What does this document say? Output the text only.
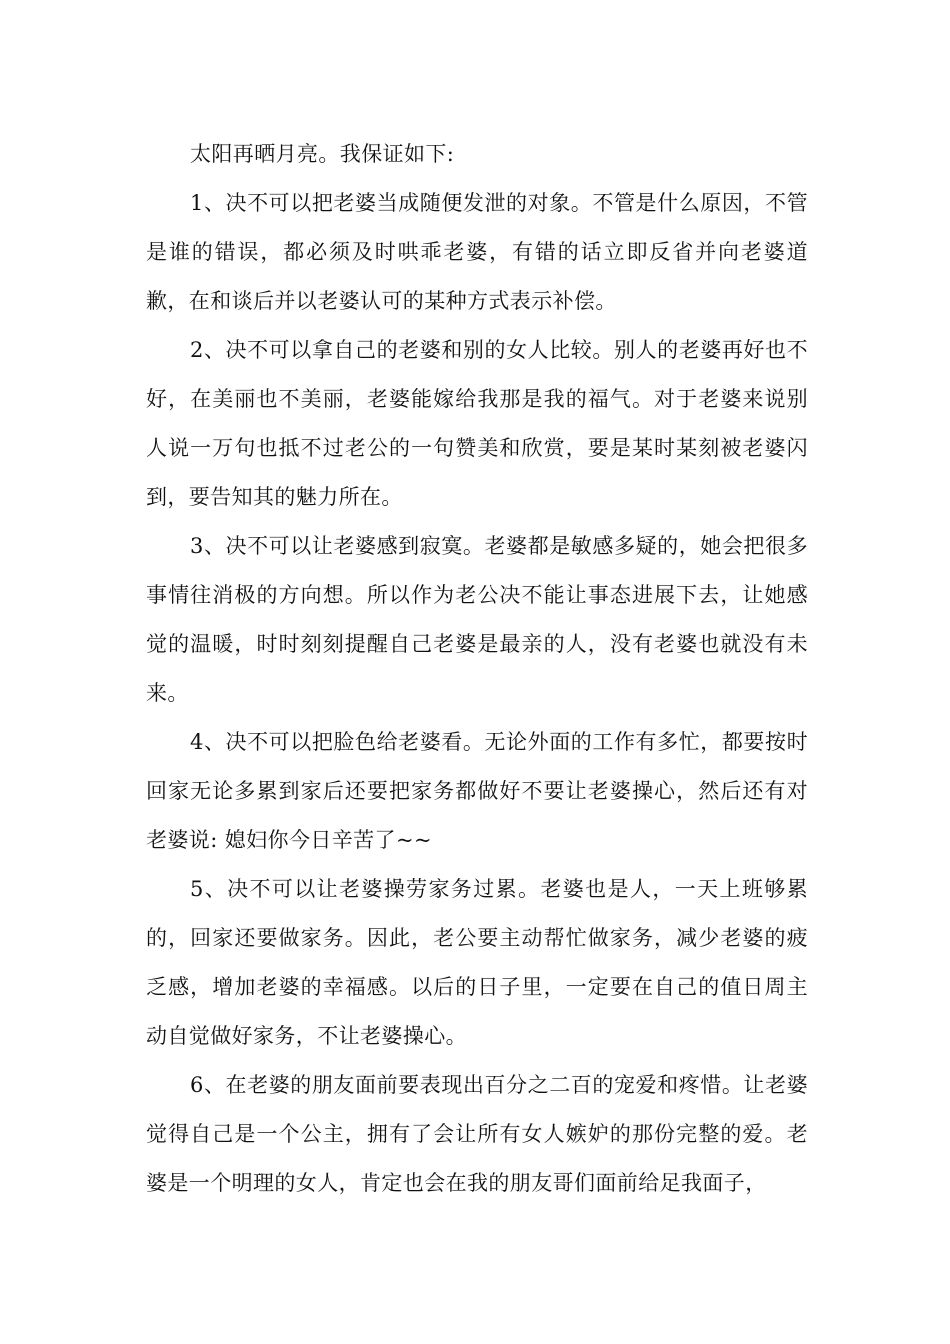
太阳再晒月亮。我保证如下:

1、决不可以把老婆当成随便发泄的对象。不管是什么原因，不管是谁的错误，都必须及时哄乖老婆，有错的话立即反省并向老婆道歉，在和谈后并以老婆认可的某种方式表示补偿。

2、决不可以拿自己的老婆和别的女人比较。别人的老婆再好也不好，在美丽也不美丽，老婆能嫁给我那是我的福气。对于老婆来说别人说一万句也抵不过老公的一句赞美和欣赏，要是某时某刻被老婆闪到，要告知其的魅力所在。

3、决不可以让老婆感到寂寞。老婆都是敏感多疑的，她会把很多事情往消极的方向想。所以作为老公决不能让事态进展下去，让她感觉的温暖，时时刻刻提醒自己老婆是最亲的人，没有老婆也就没有未来。

4、决不可以把脸色给老婆看。无论外面的工作有多忙，都要按时回家无论多累到家后还要把家务都做好不要让老婆操心，然后还有对老婆说: 媳妇你今日辛苦了~~

5、决不可以让老婆操劳家务过累。老婆也是人，一天上班够累的，回家还要做家务。因此，老公要主动帮忙做家务，减少老婆的疲乏感，增加老婆的幸福感。以后的日子里，一定要在自己的值日周主动自觉做好家务，不让老婆操心。

6、在老婆的朋友面前要表现出百分之二百的宠爱和疼惜。让老婆觉得自己是一个公主，拥有了会让所有女人嫉妒的那份完整的爱。老婆是一个明理的女人，肯定也会在我的朋友哥们面前给足我面子，
